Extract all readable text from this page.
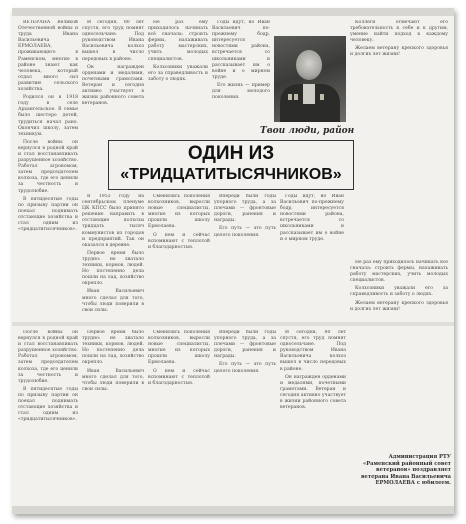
ВЕТЕРАНА Великой Отечественной войны и труда Ивана Васильевича ЕРМОЛАЕВА, проживающего в Раменском, многие в районе знают как человека, который отдал много сил развитию сельского хозяйства.

Родился он в 1918 году в селе Архангельское. В семье было шестеро детей, трудиться начал рано. Окончил школу, затем техникум.

После войны он вернулся в родной край и стал восстанавливать разрушенное хозяйство. Работал агрономом, затем председателем колхоза, где его ценили за честность и трудолюбие.

В пятидесятые годы по призыву партии он поехал поднимать отстающие хозяйства и стал одним из «тридцатитысячников».

И сегодня, 80 лет спустя, его труд помнят односельчане. Под руководством Ивана Васильевича колхоз вышел в число передовых в районе.

Он награжден орденами и медалями, почетными грамотами. Ветеран и сегодня активно участвует в жизни районного совета ветеранов.

Не раз ему приходилось начинать всё сначала: строить фермы, налаживать работу мастерских, учить молодых специалистов.

Колхозники уважали его за справедливость и заботу о людях.

Годы идут, но Иван Васильевич по-прежнему бодр, интересуется новостями района, встречается со школьниками и рассказывает им о войне и о мирном труде.

Его жизнь — пример для молодого поколения.

Коллеги отмечают его требовательность к себе и к другим, умение найти подход к каждому человеку.

Желаем ветерану крепкого здоровья и долгих лет жизни!

Твои люди, район
ОДИН ИЗ
«ТРИДЦАТИТЫСЯЧНИКОВ»

В 1953 году на сентябрьском пленуме ЦК КПСС было принято решение направить в отстающие колхозы тридцать тысяч коммунистов из городов и предприятий. Так он оказался в деревне.

Первое время было трудно: не хватало техники, кормов, людей. Но постепенно дела пошли на лад, хозяйство окрепло.

Иван Васильевич много сделал для того, чтобы люди поверили в свои силы.

Сменились поколения колхозников, выросли новые специалисты, многие из которых прошли школу Ермолаева.

О нем и сейчас вспоминают с теплотой и благодарностью.

Впереди были годы упорного труда, а за плечами — фронтовые дороги, ранения и награды.

Его путь — это путь целого поколения.

Годы идут, но Иван Васильевич по-прежнему бодр, интересуется новостями района, встречается со школьниками и рассказывает им о войне и о мирном труде.

После войны он вернулся в родной край и стал восстанавливать разрушенное хозяйство. Работал агрономом, затем председателем колхоза, где его ценили за честность и трудолюбие.

В пятидесятые годы по призыву партии он поехал поднимать отстающие хозяйства и стал одним из «тридцатитысячников».

Первое время было трудно: не хватало техники, кормов, людей. Но постепенно дела пошли на лад, хозяйство окрепло.

Иван Васильевич много сделал для того, чтобы люди поверили в свои силы.

Сменились поколения колхозников, выросли новые специалисты, многие из которых прошли школу Ермолаева.

О нем и сейчас вспоминают с теплотой и благодарностью.

Впереди были годы упорного труда, а за плечами — фронтовые дороги, ранения и награды.

Его путь — это путь целого поколения.

И сегодня, 80 лет спустя, его труд помнят односельчане. Под руководством Ивана Васильевича колхоз вышел в число передовых в районе.

Он награжден орденами и медалями, почетными грамотами. Ветеран и сегодня активно участвует в жизни районного совета ветеранов.

Не раз ему приходилось начинать всё сначала: строить фермы, налаживать работу мастерских, учить молодых специалистов.

Колхозники уважали его за справедливость и заботу о людях.

Желаем ветерану крепкого здоровья и долгих лет жизни!

Администрация РТУ «Раменский районный совет ветеранов» поздравляет ветерана Ивана Васильевича ЕРМОЛАЕВА с юбилеем.
